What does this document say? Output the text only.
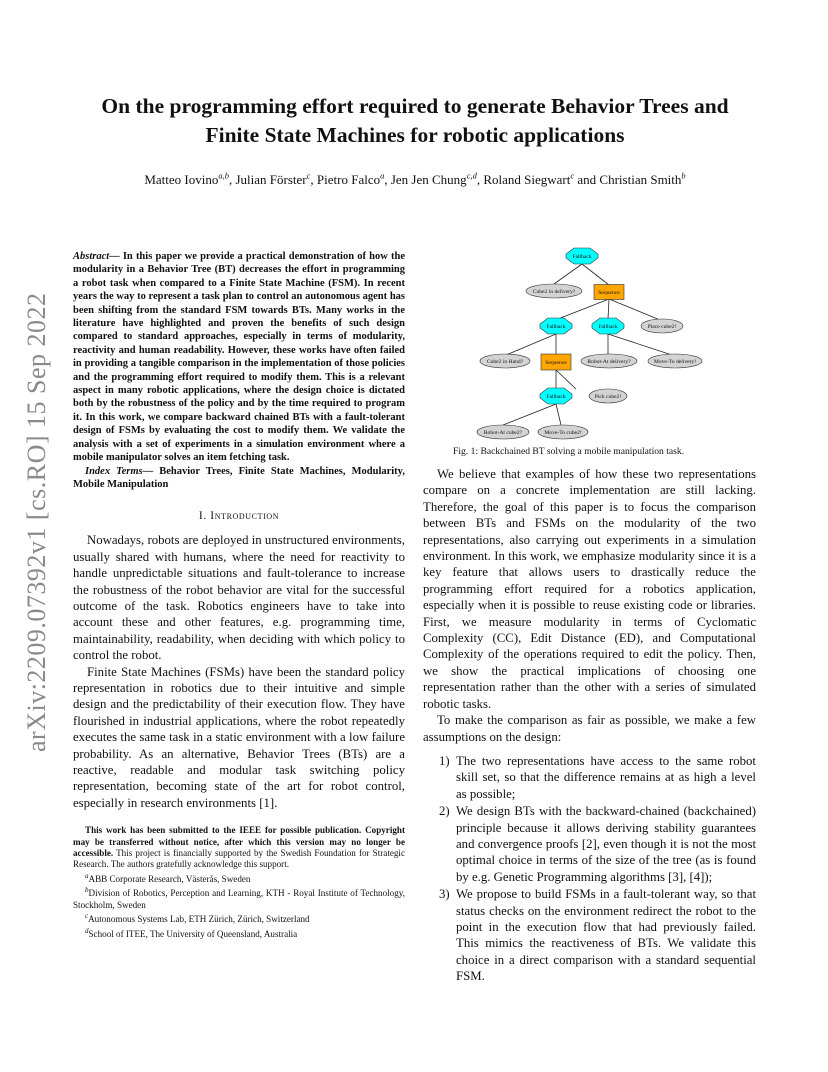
arXiv:2209.07392v1 [cs.RO] 15 Sep 2022
On the programming effort required to generate Behavior Trees and
Finite State Machines for robotic applications
Matteo Iovino$^{a,b}$, Julian Förster$^c$, Pietro Falco$^a$, Jen Jen Chung$^{c,d}$, Roland Siegwart$^c$ and Christian Smith$^b$

Abstract— In this paper we provide a practical demonstration of how the modularity in a Behavior Tree (BT) decreases the effort in programming a robot task when compared to a Finite State Machine (FSM). In recent years the way to represent a task plan to control an autonomous agent has been shifting from the standard FSM towards BTs. Many works in the literature have highlighted and proven the benefits of such design compared to standard approaches, especially in terms of modularity, reactivity and human readability. However, these works have often failed in providing a tangible comparison in the implementation of those policies and the programming effort required to modify them. This is a relevant aspect in many robotic applications, where the design choice is dictated both by the robustness of the policy and by the time required to program it. In this work, we compare backward chained BTs with a fault-tolerant design of FSMs by evaluating the cost to modify them. We validate the analysis with a set of experiments in a simulation environment where a mobile manipulator solves an item fetching task.

Index Terms— Behavior Trees, Finite State Machines, Modularity, Mobile Manipulation

I. Introduction

Nowadays, robots are deployed in unstructured environments, usually shared with humans, where the need for reactivity to handle unpredictable situations and fault-tolerance to increase the robustness of the robot behavior are vital for the successful outcome of the task. Robotics engineers have to take into account these and other features, e.g. programming time, maintainability, readability, when deciding with which policy to control the robot.

Finite State Machines (FSMs) have been the standard policy representation in robotics due to their intuitive and simple design and the predictability of their execution flow. They have flourished in industrial applications, where the robot repeatedly executes the same task in a static environment with a low failure probability. As an alternative, Behavior Trees (BTs) are a reactive, readable and modular task switching policy representation, becoming state of the art for robot control, especially in research environments [1].

This work has been submitted to the IEEE for possible publication. Copyright may be transferred without notice, after which this version may no longer be accessible. This project is financially supported by the Swedish Foundation for Strategic Research. The authors gratefully acknowledge this support.

$^a$ABB Corporate Research, Västerås, Sweden

$^b$Division of Robotics, Perception and Learning, KTH - Royal Institute of Technology, Stockholm, Sweden

$^c$Autonomous Systems Lab, ETH Zürich, Zürich, Switzerland

$^d$School of ITEE, The University of Queensland, Australia

Fallback
Cube2 in delivery?	Sequence
Fallback	Fallback	Place cube2!
Cube2 in Hand?	Sequence	Robot-At delivery?	Move-To delivery!
Fallback	Pick cube2!
Robot-At cube2?	Move-To cube2!
Fig. 1: Backchained BT solving a mobile manipulation task.

We believe that examples of how these two representations compare on a concrete implementation are still lacking. Therefore, the goal of this paper is to focus the comparison between BTs and FSMs on the modularity of the two representations, also carrying out experiments in a simulation environment. In this work, we emphasize modularity since it is a key feature that allows users to drastically reduce the programming effort required for a robotics application, especially when it is possible to reuse existing code or libraries. First, we measure modularity in terms of Cyclomatic Complexity (CC), Edit Distance (ED), and Computational Complexity of the operations required to edit the policy. Then, we show the practical implications of choosing one representation rather than the other with a series of simulated robotic tasks.

To make the comparison as fair as possible, we make a few assumptions on the design:

1) The two representations have access to the same robot skill set, so that the difference remains at as high a level as possible;
2) We design BTs with the backward-chained (backchained) principle because it allows deriving stability guarantees and convergence proofs [2], even though it is not the most optimal choice in terms of the size of the tree (as is found by e.g. Genetic Programming algorithms [3], [4]);
3) We propose to build FSMs in a fault-tolerant way, so that status checks on the environment redirect the robot to the point in the execution flow that had previously failed. This mimics the reactiveness of BTs. We validate this choice in a direct comparison with a standard sequential FSM.
